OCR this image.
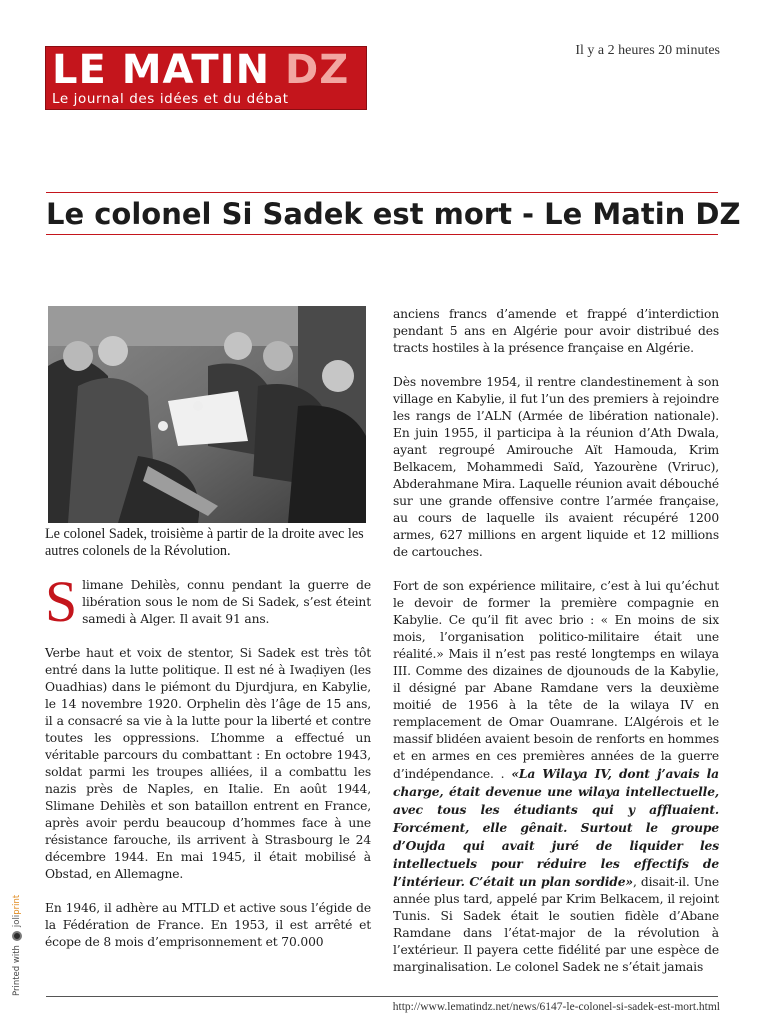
LE MATIN DZ
Le journal des idées et du débat
Il y a 2 heures 20 minutes
Le colonel Si Sadek est mort - Le Matin DZ
Le colonel Sadek, troisième à partir de la droite avec les autres colonels de la Révolution.

Slimane Dehilès, connu pendant la guerre de libération sous le nom de Si Sadek, s’est éteint samedi à Alger. Il avait 91 ans.

Verbe haut et voix de stentor, Si Sadek est très tôt entré dans la lutte politique. Il est né à Iwaḍiyen (les Ouadhias) dans le piémont du Djurdjura, en Kabylie, le 14 novembre 1920. Orphelin dès l’âge de 15 ans, il a consacré sa vie à la lutte pour la liberté et contre toutes les oppressions. L’homme a effectué un véritable parcours du combattant : En octobre 1943, soldat parmi les troupes alliées, il a combattu les nazis près de Naples, en Italie. En août 1944, Slimane Dehilès et son bataillon entrent en France, après avoir perdu beaucoup d’hommes face à une résistance farouche, ils arrivent à Strasbourg le 24 décembre 1944. En mai 1945, il était mobilisé à Obstad, en Allemagne.

En 1946, il adhère au MTLD et active sous l’égide de la Fédération de France. En 1953, il est arrêté et écope de 8 mois d’emprisonnement et 70.000

anciens francs d’amende et frappé d’interdiction pendant 5 ans en Algérie pour avoir distribué des tracts hostiles à la présence française en Algérie.

Dès novembre 1954, il rentre clandestinement à son village en Kabylie, il fut l’un des premiers à rejoindre les rangs de l’ALN (Armée de libération nationale). En juin 1955, il participa à la réunion d’Ath Dwala, ayant regroupé Amirouche Aït Hamouda, Krim Belkacem, Mohammedi Saïd, Yazourène (Vriruc), Abderahmane Mira. Laquelle réunion avait débouché sur une grande offensive contre l’armée française, au cours de laquelle ils avaient récupéré 1200 armes, 627 millions en argent liquide et 12 millions de cartouches.

Fort de son expérience militaire, c’est à lui qu’échut le devoir de former la première compagnie en Kabylie. Ce qu’il fit avec brio : « En moins de six mois, l’organisation politico-militaire était une réalité.» Mais il n’est pas resté longtemps en wilaya III. Comme des dizaines de djounouds de la Kabylie, il désigné par Abane Ramdane vers la deuxième moitié de 1956 à la tête de la wilaya IV en remplacement de Omar Ouamrane. L’Algérois et le massif blidéen avaient besoin de renforts en hommes et en armes en ces premières années de la guerre d’indépendance. . «La Wilaya IV, dont j’avais la charge, était devenue une wilaya intellectuelle, avec tous les étudiants qui y affluaient. Forcément, elle gênait. Surtout le groupe d’Oujda qui avait juré de liquider les intellectuels pour réduire les effectifs de l’intérieur. C’était un plan sordide», disait-il. Une année plus tard, appelé par Krim Belkacem, il rejoint Tunis. Si Sadek était le soutien fidèle d’Abane Ramdane dans l’état-major de la révolution à l’extérieur. Il payera cette fidélité par une espèce de marginalisation. Le colonel Sadek ne s’était jamais

Printed with
joliprint
http://www.lematindz.net/news/6147-le-colonel-si-sadek-est-mort.html
